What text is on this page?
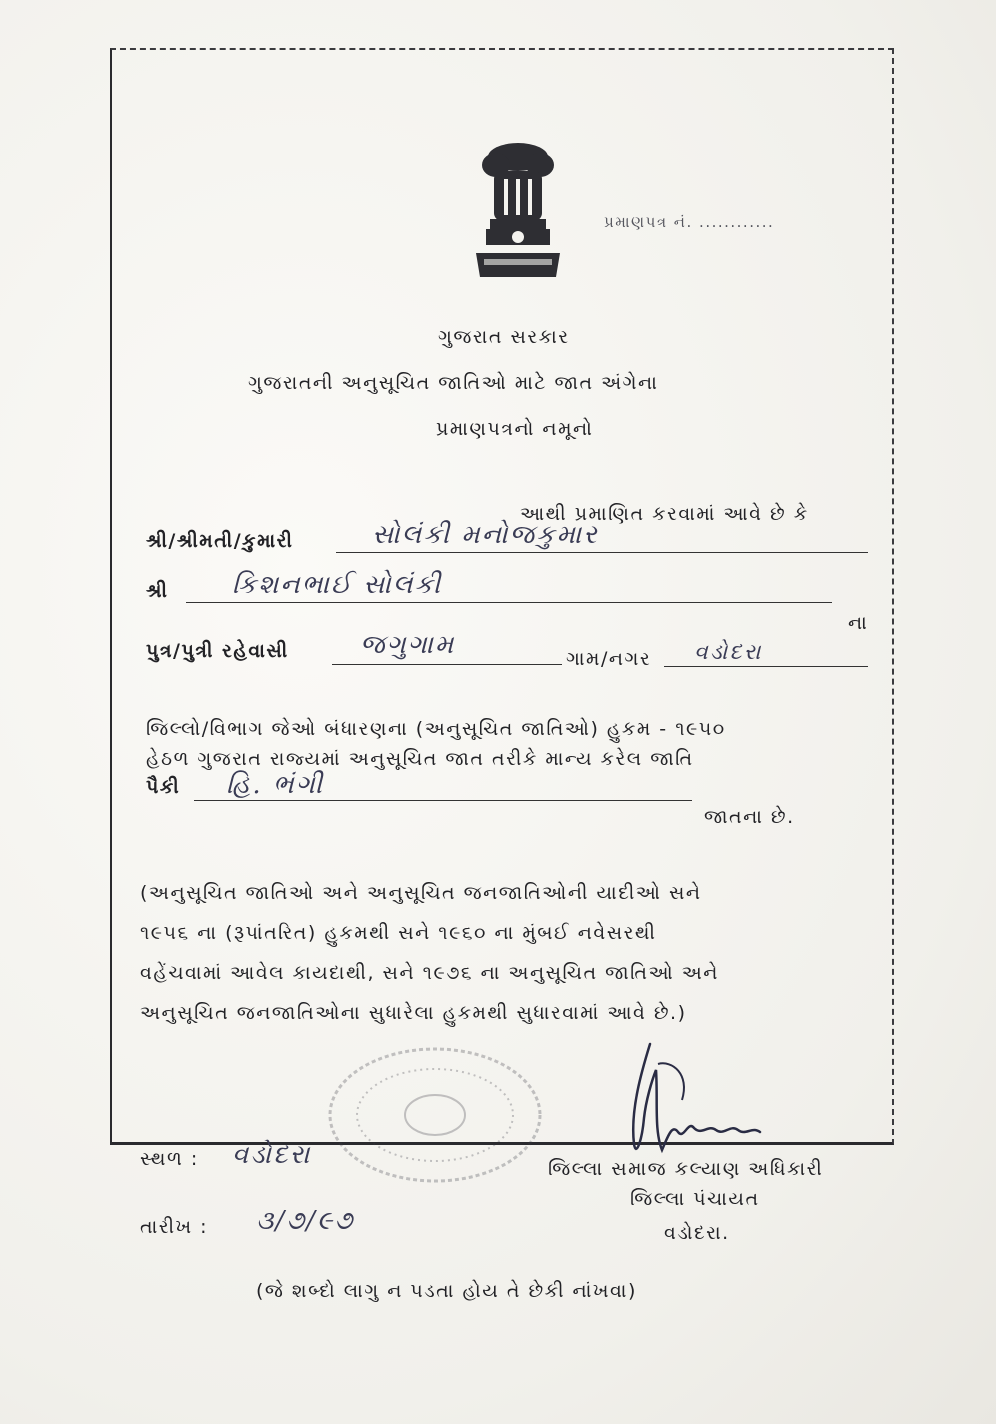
પ્રમાણપત્ર નં. ............
ગુજરાત સરકાર
ગુજરાતની અનુસૂચિત જાતિઓ માટે જાત અંગેના
પ્રમાણપત્રનો નમૂનો
આથી પ્રમાણિત કરવામાં આવે છે કે
શ્રી/શ્રીમતી/કુમારી	સોલંકી મનોજકુમાર
શ્રી કિશનભાઈ સોલંકી
ના
પુત્ર/પુત્રી રહેવાસી	જગુગામ	ગામ/નગર વડોદરા
જિલ્લો/વિભાગ જેઓ બંધારણના (અનુસૂચિત જાતિઓ) હુકમ - ૧૯૫૦
હેઠળ ગુજરાત રાજ્યમાં અનુસૂચિત જાત તરીકે માન્ય કરેલ જાતિ
પૈકી હિ. ભંગી
જાતના છે.
(અનુસૂચિત જાતિઓ અને અનુસૂચિત જનજાતિઓની યાદીઓ સને
૧૯૫૬ ના (રૂપાંતરિત) હુકમથી સને ૧૯૬૦ ના મુંબઈ નવેસરથી
વહેંચવામાં આવેલ કાયદાથી, સને ૧૯૭૬ ના અનુસૂચિત જાતિઓ અને
અનુસૂચિત જનજાતિઓના સુધારેલા હુકમથી સુધારવામાં આવે છે.)
સ્થળ : વડોદરા
તારીખ : ૩/૭/૯૭
જિલ્લા સમાજ કલ્યાણ અધિકારી
જિલ્લા પંચાયત
વડોદરા.
(જે શબ્દો લાગુ ન પડતા હોય તે છેકી નાંખવા)
